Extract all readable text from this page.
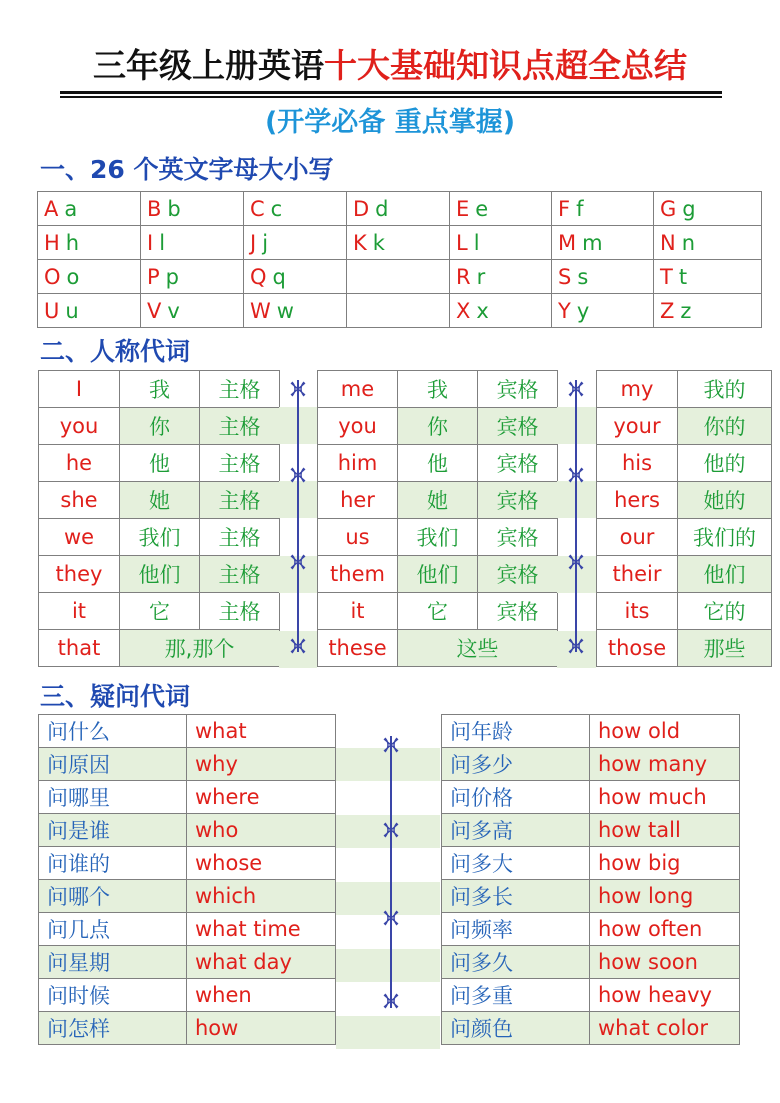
三年级上册英语十大基础知识点超全总结
(开学必备 重点掌握)
一、26 个英文字母大小写
A a	B b	C c	D d	E e	F f	G g
H h	I l	J j	K k	L l	M m	N n
O o	P p	Q q		R r	S s	T t
U u	V v	W w		X x	Y y	Z z
二、人称代词
I	我	主格
you	你	主格
he	他	主格
she	她	主格
we	我们	主格
they	他们	主格
it	它	主格
that	那,那个	
me	我	宾格
you	你	宾格
him	他	宾格
her	她	宾格
us	我们	宾格
them	他们	宾格
it	它	宾格
these	这些	
my	我的
your	你的
his	他的
hers	她的
our	我们的
their	他们
its	它的
those	那些
三、疑问代词
问什么	what
问原因	why
问哪里	where
问是谁	who
问谁的	whose
问哪个	which
问几点	what time
问星期	what day
问时候	when
问怎样	how
问年龄	how old
问多少	how many
问价格	how much
问多高	how tall
问多大	how big
问多长	how long
问频率	how often
问多久	how soon
问多重	how heavy
问颜色	what color
